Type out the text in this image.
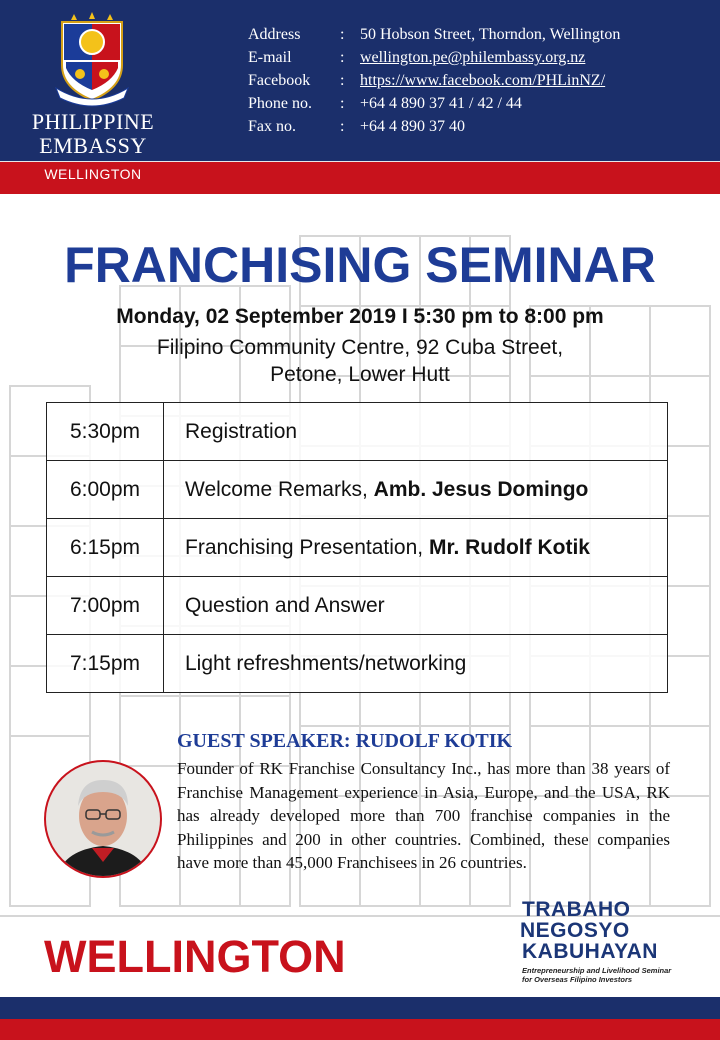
PHILIPPINE
EMBASSY
WELLINGTON
Address	: 50 Hobson Street, Thorndon, Wellington
E-mail	: wellington.pe@philembassy.org.nz
Facebook	: https://www.facebook.com/PHLinNZ/
Phone no.	: +64 4 890 37 41 / 42 / 44
Fax no.	: +64 4 890 37 40
FRANCHISING SEMINAR
Monday, 02 September 2019 I 5:30 pm to 8:00 pm
Filipino Community Centre, 92 Cuba Street,
Petone, Lower Hutt
5:30pm	Registration
6:00pm	Welcome Remarks, Amb. Jesus Domingo
6:15pm	Franchising Presentation, Mr. Rudolf Kotik
7:00pm	Question and Answer
7:15pm	Light refreshments/networking
GUEST SPEAKER: RUDOLF KOTIK
Founder of RK Franchise Consultancy Inc., has more than 38 years of Franchise Management experience in Asia, Europe, and the USA, RK has already developed more than 700 franchise companies in the Philippines and 200 in other countries. Combined, these companies have more than 45,000 Franchisees in 26 countries.
WELLINGTON
TRABAHO
NEGOSYO
KABUHAYAN
Entrepreneurship and Livelihood Seminar
for Overseas Filipino Investors
